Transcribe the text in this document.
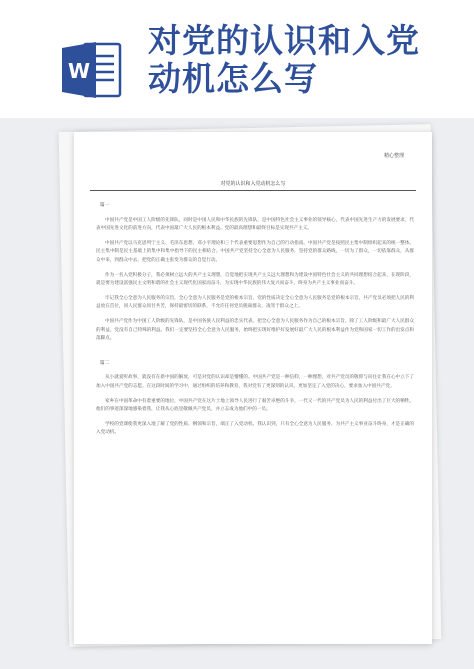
W
对党的认识和入党
动机怎么写
精心整理
对党的认识和入党动机怎么写
篇一

中国共产党是中国工人阶级的先锋队，同时是中国人民和中华民族的先锋队，是中国特色社会主义事业的领导核心，代表中国先进生产力的发展要求，代表中国先进文化的前进方向，代表中国最广大人民的根本利益。党的最高理想和最终目标是实现共产主义。

中国共产党以马克思列宁主义、毛泽东思想、邓小平理论和三个代表重要思想作为自己的行动指南。中国共产党是按照民主集中制组织起来的统一整体。民主集中制是民主基础上的集中和集中指导下的民主相结合。中国共产党坚持全心全意为人民服务，坚持党的群众路线，一切为了群众，一切依靠群众，从群众中来，到群众中去，把党的正确主张变为群众的自觉行动。

作为一名入党积极分子，我必须树立远大的共产主义理想，自觉地把实现共产主义远大理想和为建设中国特色社会主义的共同理想结合起来，在现阶段，就是要为建设富强民主文明和谐的社会主义现代化国家而奋斗，为实现中华民族的伟大复兴而奋斗，终身为共产主义事业而奋斗。

牢记我全心全意为人民服务的宗旨，全心全意为人民服务是党的根本宗旨，党的性质决定全心全意为人民服务是党的根本宗旨，共产党员必须把人民的利益放在首位，同人民群众同甘共苦，保持最密切的联系，不允许任何党员脱离群众，凌驾于群众之上。

中国共产党作为中国工人阶级的先锋队，是中国各族人民利益的忠实代表。把全心全意为人民服务作为自己的根本宗旨，除了工人阶级和最广大人民群众的利益，党没有自己特殊的利益。我们一定要坚持全心全意为人民服务，始终把实现好维护好发展好最广大人民的根本利益作为党和国家一切工作的出发点和落脚点。

篇二

从小就爱听故事，就没有在新中国的解放，可是对党的认识却是懵懂的。中国共产党是一种信仰，一种理想，对共产党员的敬仰与向往让我在心中立下了加入中国共产党的志愿。在这段时间的学习中，通过组织的培养和教育，我对党有了更深刻的认识，更加坚定了入党的决心，要求加入中国共产党。

家乡在中国革命中有着重要的地位，中国共产党在这片土地上领导人民进行了艰苦卓绝的斗争，一代又一代的共产党员为人民的利益付出了巨大的牺牲。他们的事迹深深地感染着我，让我从心底里敬佩共产党员，并立志成为他们中的一员。

学校的党课使我更深入地了解了党的性质、纲领和宗旨，端正了入党动机。我认识到，只有全心全意为人民服务、为共产主义事业奋斗终身，才是正确的入党动机。
